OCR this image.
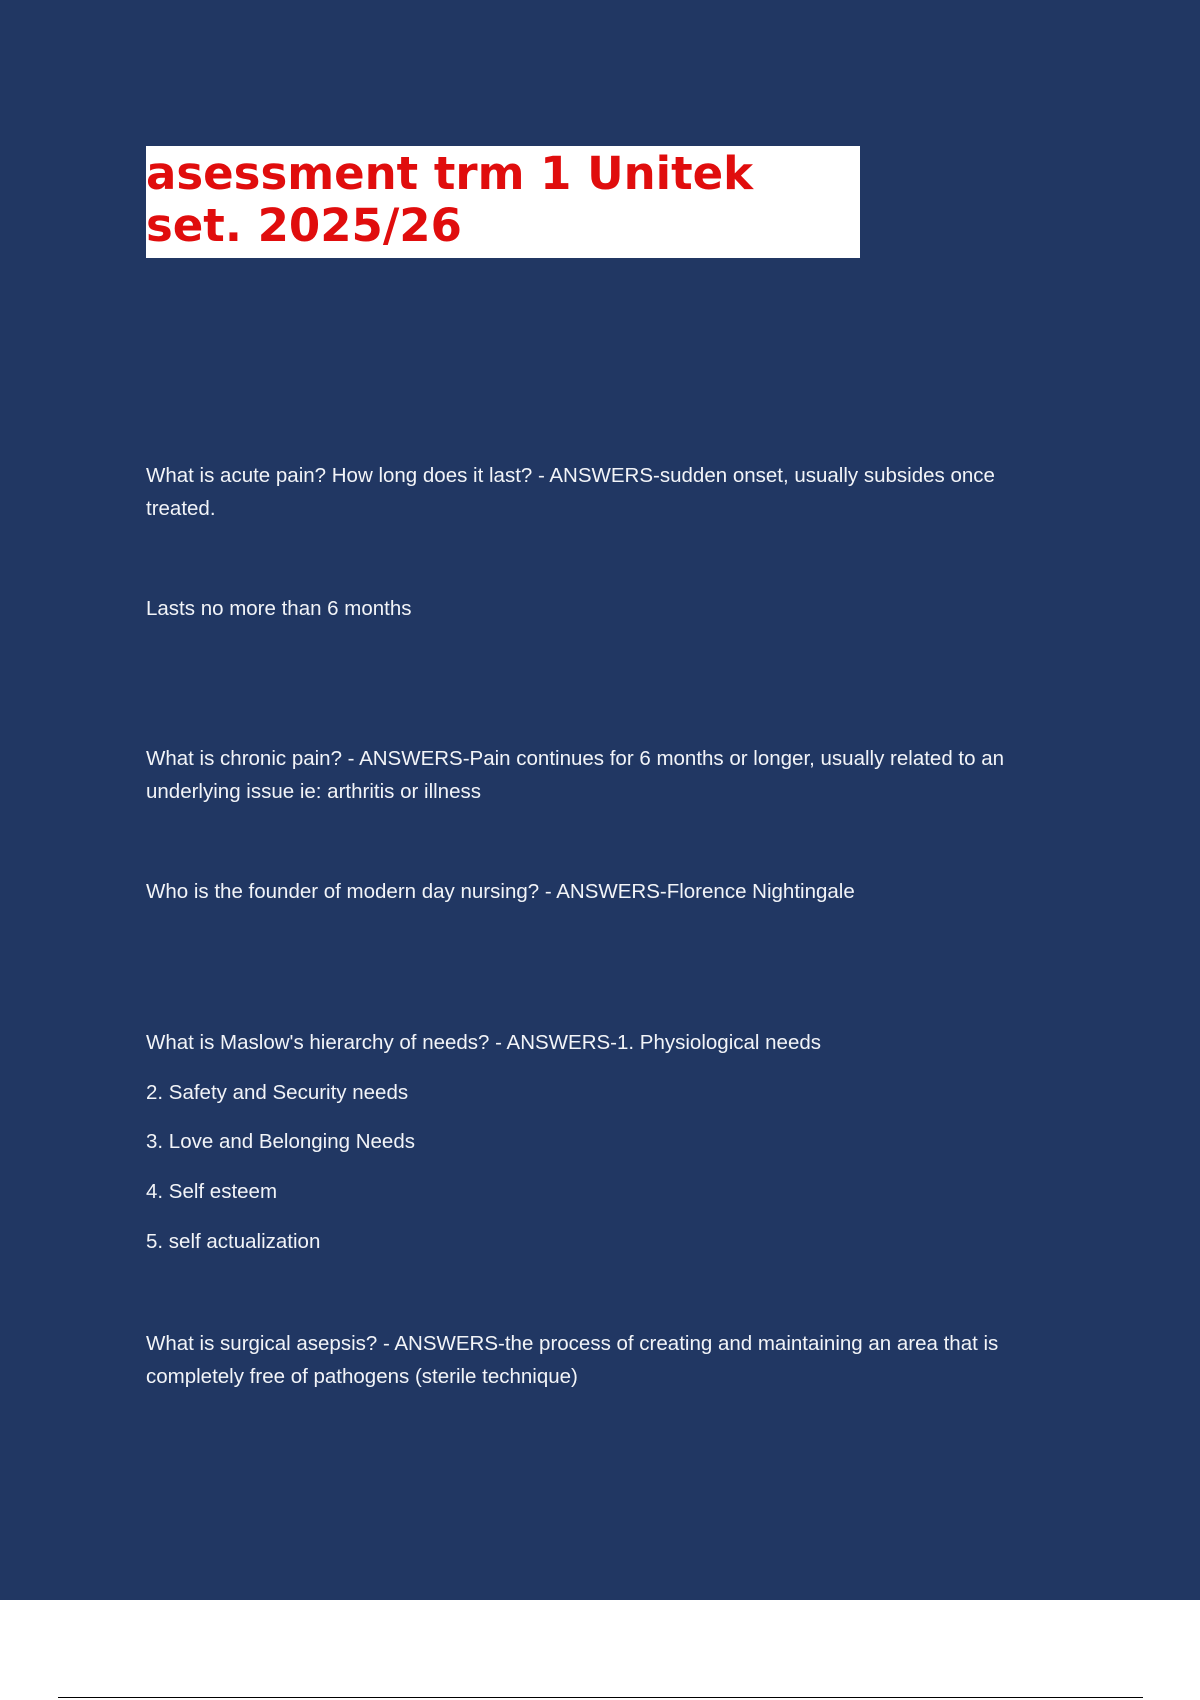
asessment trm 1 Unitek
set. 2025/26

What is acute pain? How long does it last? - ANSWERS-sudden onset, usually subsides once treated.

Lasts no more than 6 months

What is chronic pain? - ANSWERS-Pain continues for 6 months or longer, usually related to an underlying issue ie: arthritis or illness

Who is the founder of modern day nursing? - ANSWERS-Florence Nightingale

What is Maslow's hierarchy of needs? - ANSWERS-1. Physiological needs

2. Safety and Security needs

3. Love and Belonging Needs

4. Self esteem

5. self actualization

What is surgical asepsis? - ANSWERS-the process of creating and maintaining an area that is completely free of pathogens (sterile technique)
